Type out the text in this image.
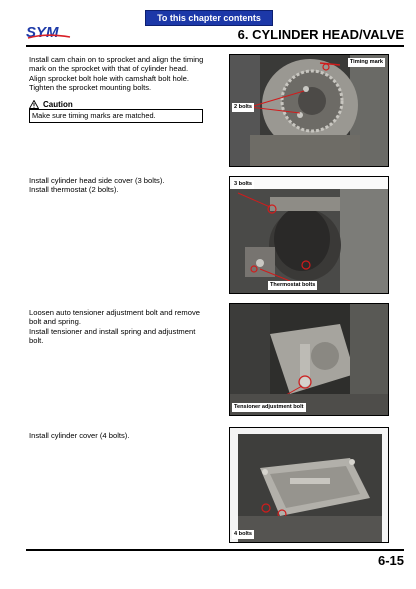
SYM
To this chapter contents
6. CYLINDER HEAD/VALVE
Install cam chain on to sprocket and align the timing mark on the sprocket with that of cylinder head.
Align sprocket bolt hole with camshaft bolt hole.
Tighten the sprocket mounting bolts.
Caution
Make sure timing marks are matched.
Timing mark
2 bolts
Install cylinder head side cover (3 bolts).
Install thermostat (2 bolts).
3 bolts
Thermostat bolts
Loosen auto tensioner adjustment bolt and remove bolt and spring.
Install tensioner and install spring and adjustment bolt.
Tensioner adjustment bolt
Install cylinder cover (4 bolts).
4 bolts
6-15
